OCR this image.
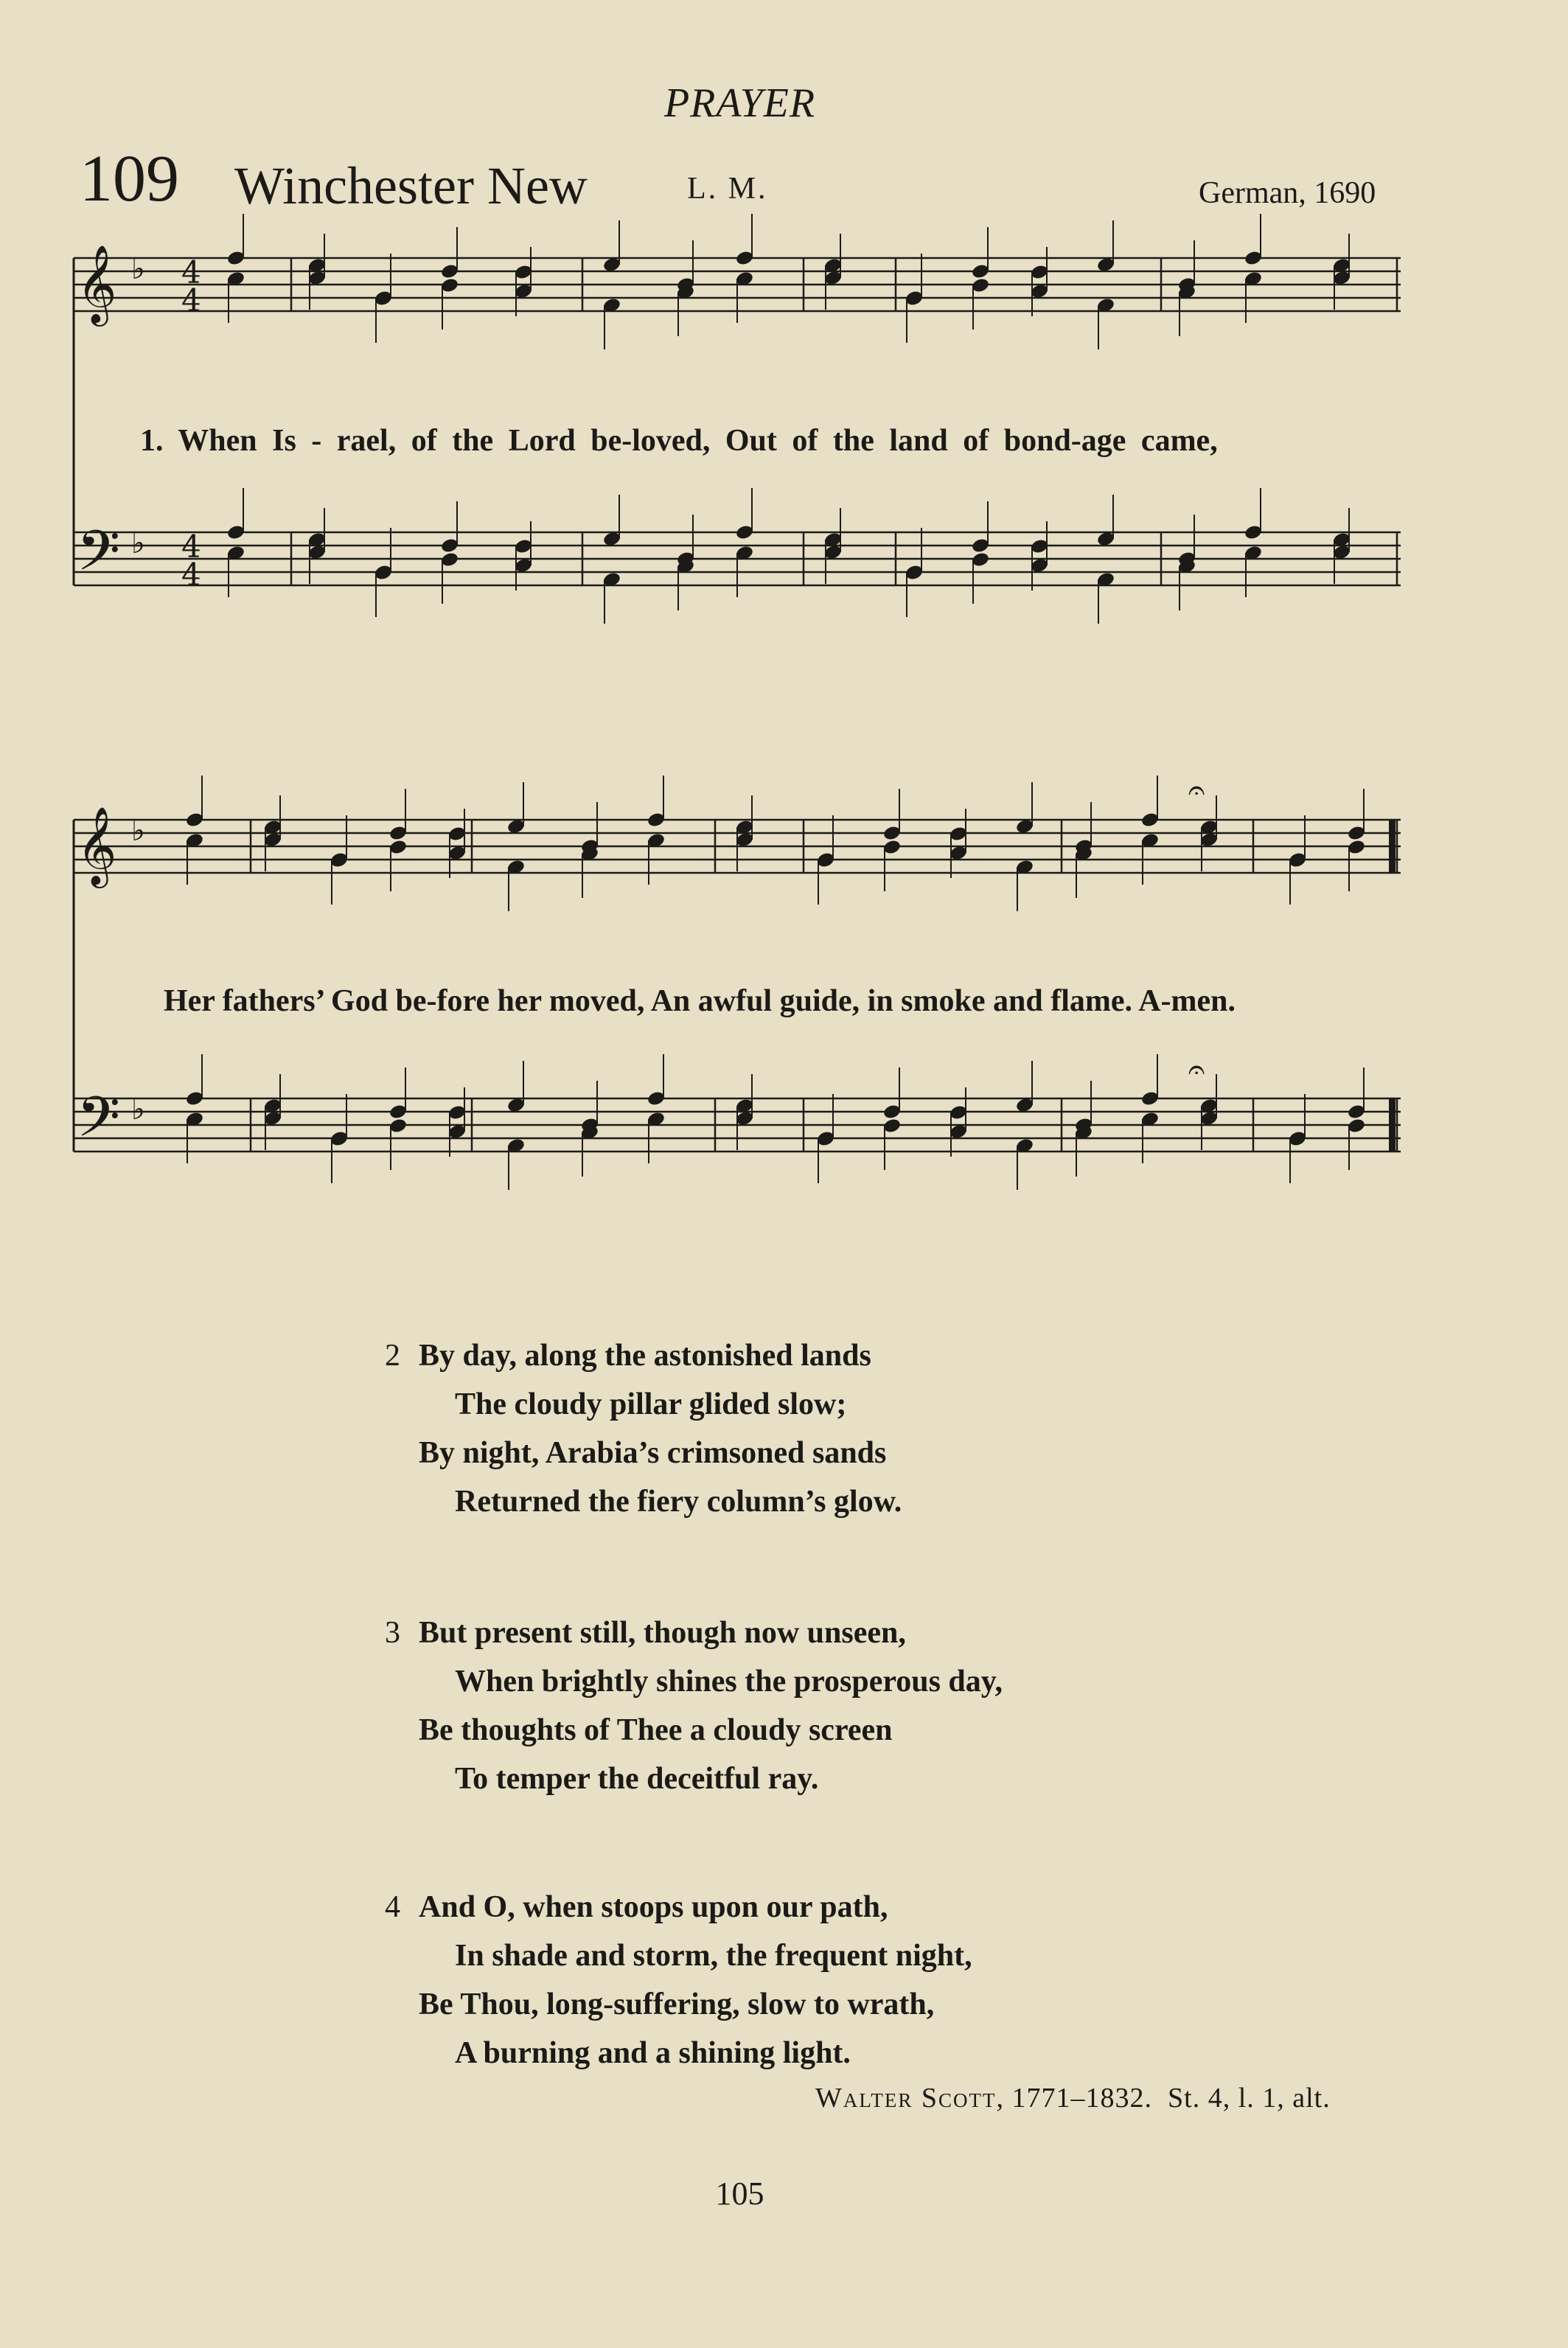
PRAYER
109 Winchester New	L. M.	German, 1690
𝄞 ♭ 4
4
𝄢 ♭ 4
4
𝄞 ♭
𝄢 ♭
𝄐
𝄐
1. When Is - rael, of the Lord be-loved, Out of the land of bond-age came,
Her fathers’ God be-fore her moved, An awful guide, in smoke and flame. A-men.
2 By day, along the astonished lands
The cloudy pillar glided slow;
By night, Arabia’s crimsoned sands
Returned the fiery column’s glow.
3 But present still, though now unseen,
When brightly shines the prosperous day,
Be thoughts of Thee a cloudy screen
To temper the deceitful ray.
4 And O, when stoops upon our path,
In shade and storm, the frequent night,
Be Thou, long-suffering, slow to wrath,
A burning and a shining light.
Walter Scott, 1771–1832. St. 4, l. 1, alt.
105
